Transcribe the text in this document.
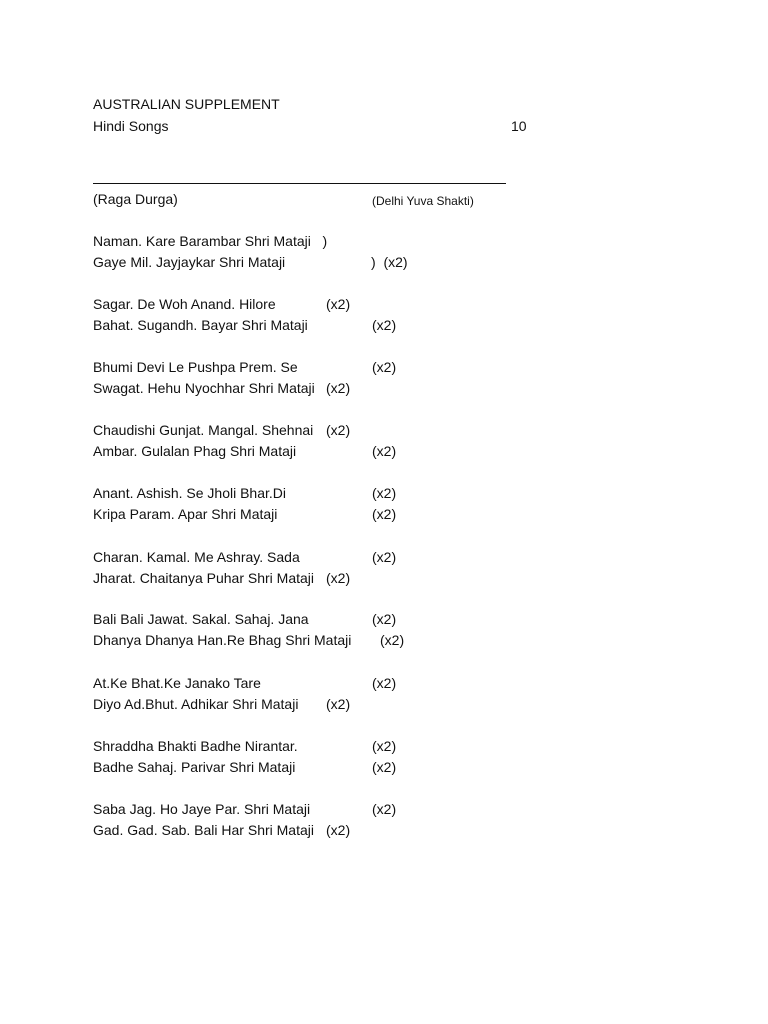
AUSTRALIAN SUPPLEMENT

Hindi Songs	10

(Raga Durga)	(Delhi Yuva Shakti)

Naman. Kare Barambar Shri Mataji   )

Gaye Mil. Jayjaykar Shri Mataji	)  (x2)

Sagar. De Woh Anand. Hilore	(x2)

Bahat. Sugandh. Bayar Shri Mataji	(x2)

Bhumi Devi Le Pushpa Prem. Se	(x2)

Swagat. Hehu Nyochhar Shri Mataji (x2)

Chaudishi Gunjat. Mangal. Shehnai (x2)

Ambar. Gulalan Phag Shri Mataji	(x2)

Anant. Ashish. Se Jholi Bhar.Di	(x2)

Kripa Param. Apar Shri Mataji	(x2)

Charan. Kamal. Me Ashray. Sada	(x2)

Jharat. Chaitanya Puhar Shri Mataji (x2)

Bali Bali Jawat. Sakal. Sahaj. Jana	(x2)

Dhanya Dhanya Han.Re Bhag Shri Mataji (x2)

At.Ke Bhat.Ke Janako Tare	(x2)

Diyo Ad.Bhut. Adhikar Shri Mataji (x2)

Shraddha Bhakti Badhe Nirantar.	(x2)

Badhe Sahaj. Parivar Shri Mataji	(x2)

Saba Jag. Ho Jaye Par. Shri Mataji	(x2)

Gad. Gad. Sab. Bali Har Shri Mataji (x2)
